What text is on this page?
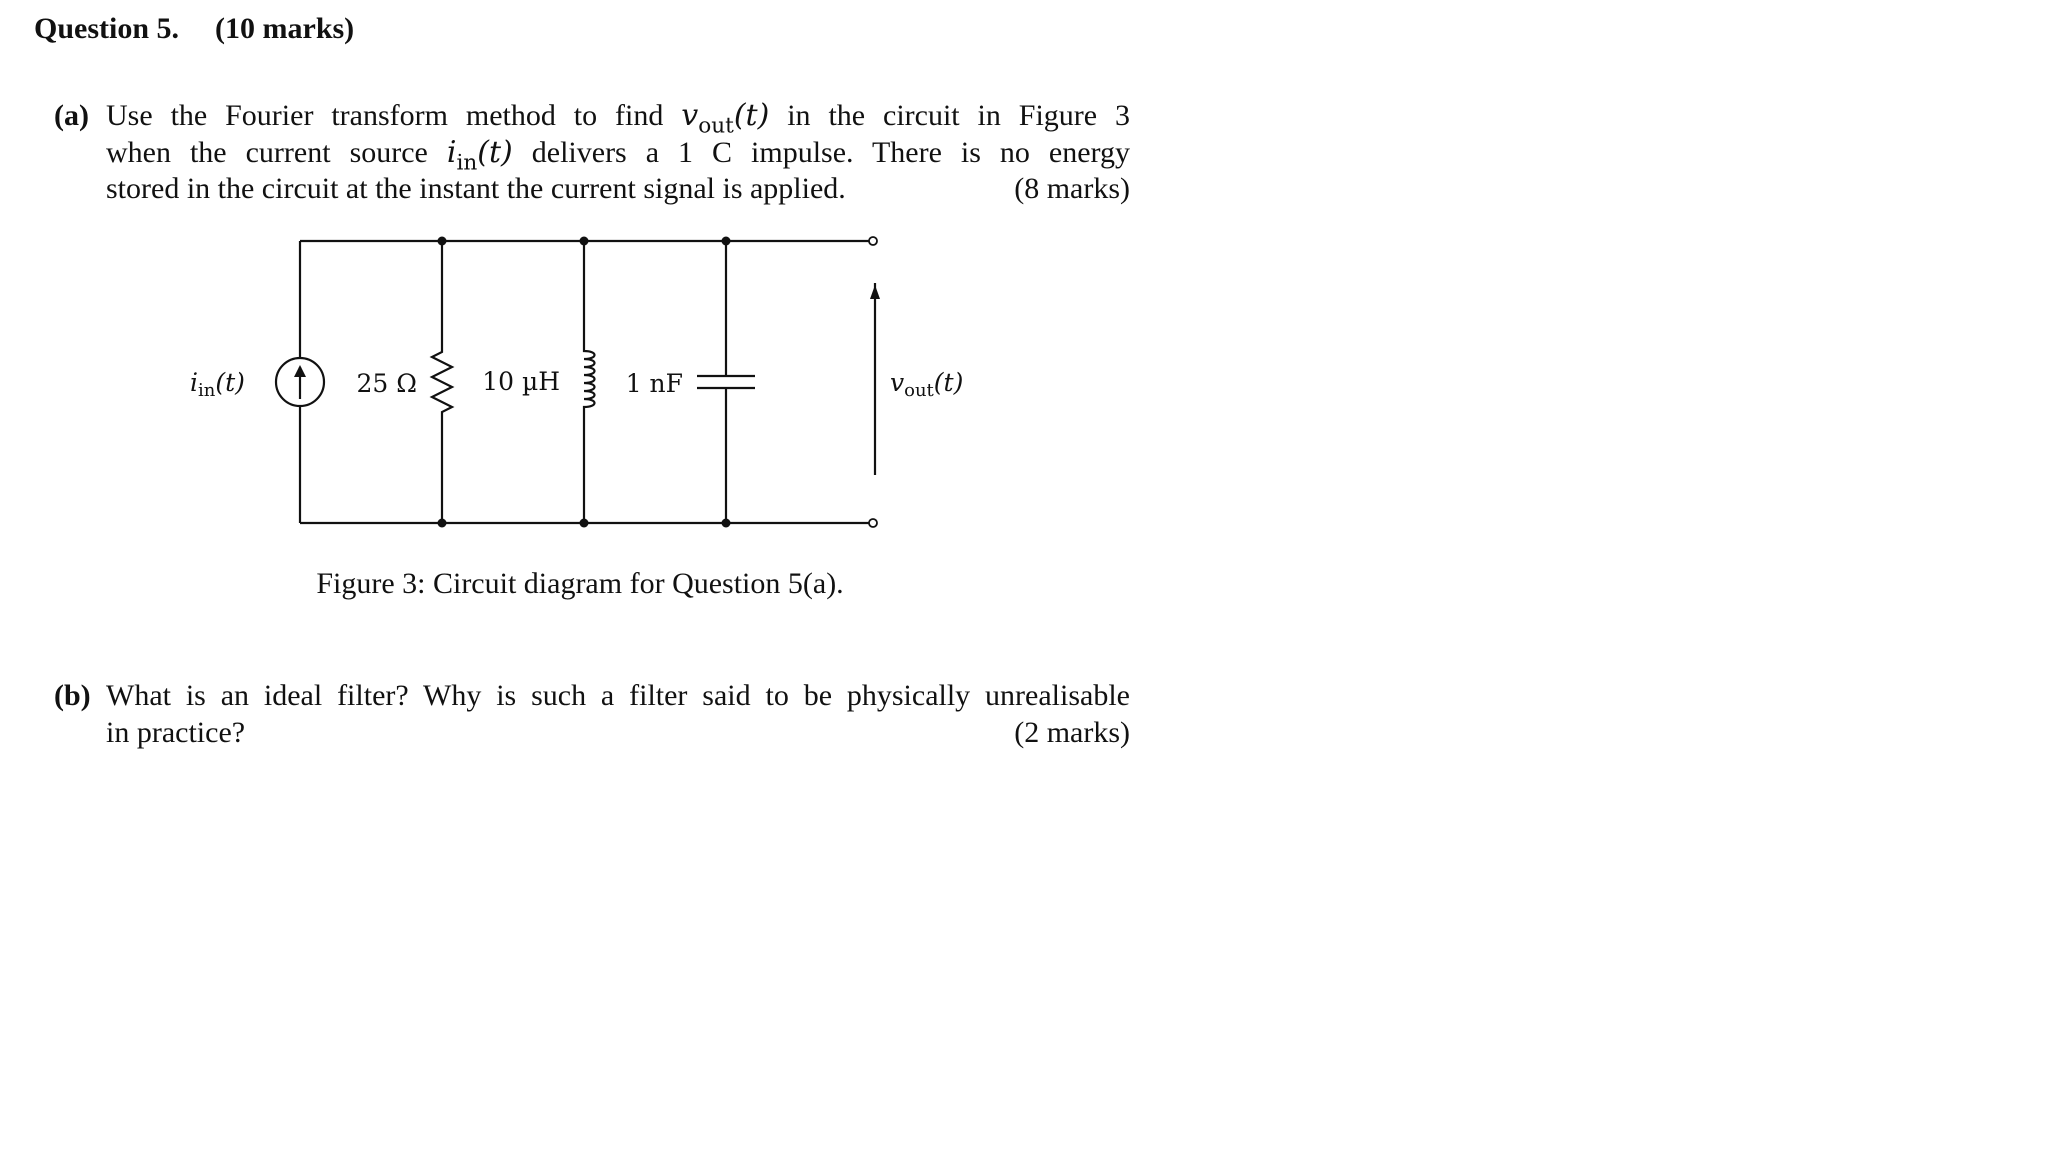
Question 5. (10 marks)
(a) Use the Fourier transform method to find $v_{out}(t)$ in the circuit in Figure 3
when the current source $i_{in}(t)$ delivers a 1 C impulse. There is no energy
stored in the circuit at the instant the current signal is applied.	(8 marks)
iin(t)	25 Ω	10 µH	1 nF	vout(t)
Figure 3: Circuit diagram for Question 5(a).
(b) What is an ideal filter? Why is such a filter said to be physically unrealisable
in practice?	(2 marks)
